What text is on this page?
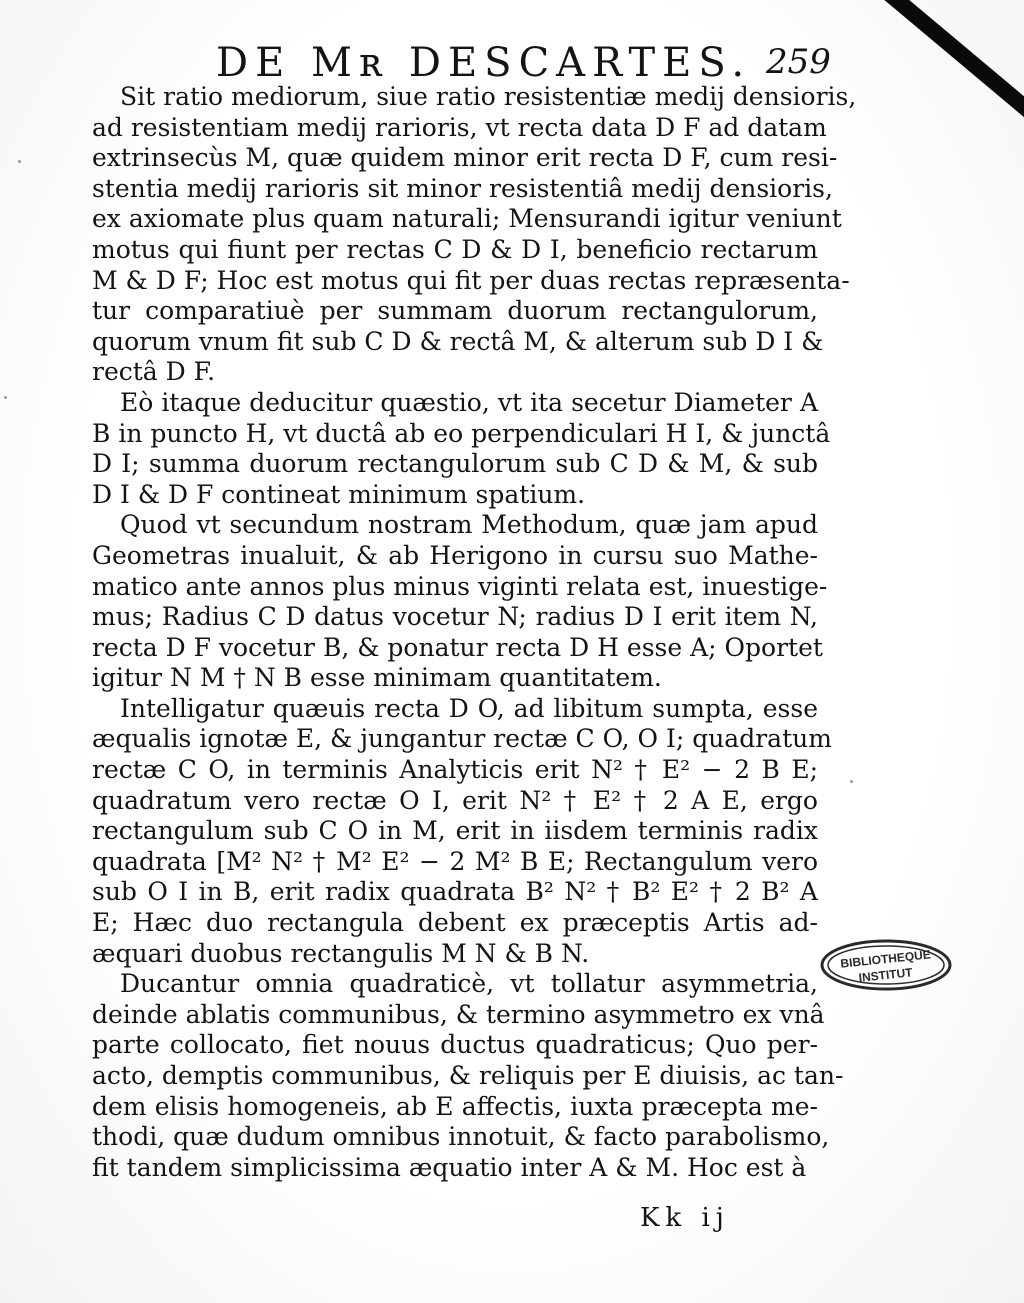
DE Mʀ DESCARTES. 259
Sit ratio mediorum, siue ratio resistentiæ medij densioris,
ad resistentiam medij rarioris, vt recta data D F ad datam
extrinsecùs M, quæ quidem minor erit recta D F, cum resi-
stentia medij rarioris sit minor resistentiâ medij densioris,
ex axiomate plus quam naturali; Mensurandi igitur veniunt
motus qui fiunt per rectas C D & D I, beneficio rectarum
M & D F; Hoc est motus qui fit per duas rectas repræsenta-
tur comparatiuè per summam duorum rectangulorum,
quorum vnum fit sub C D & rectâ M, & alterum sub D I &
rectâ D F.
Eò itaque deducitur quæstio, vt ita secetur Diameter A
B in puncto H, vt ductâ ab eo perpendiculari H I, & junctâ
D I; summa duorum rectangulorum sub C D & M, & sub
D I & D F contineat minimum spatium.
Quod vt secundum nostram Methodum, quæ jam apud
Geometras inualuit, & ab Herigono in cursu suo Mathe-
matico ante annos plus minus viginti relata est, inuestige-
mus; Radius C D datus vocetur N; radius D I erit item N,
recta D F vocetur B, & ponatur recta D H esse A; Oportet
igitur N M † N B esse minimam quantitatem.
Intelligatur quæuis recta D O, ad libitum sumpta, esse
æqualis ignotæ E, & jungantur rectæ C O, O I; quadratum
rectæ C O, in terminis Analyticis erit N² † E² − 2 B E;
quadratum vero rectæ O I, erit N² † E² † 2 A E, ergo
rectangulum sub C O in M, erit in iisdem terminis radix
quadrata [M² N² † M² E² − 2 M² B E; Rectangulum vero
sub O I in B, erit radix quadrata B² N² † B² E² † 2 B² A
E; Hæc duo rectangula debent ex præceptis Artis ad-
æquari duobus rectangulis M N & B N.
Ducantur omnia quadraticè, vt tollatur asymmetria,
deinde ablatis communibus, & termino asymmetro ex vnâ
parte collocato, fiet nouus ductus quadraticus; Quo per-
acto, demptis communibus, & reliquis per E diuisis, ac tan-
dem elisis homogeneis, ab E affectis, iuxta præcepta me-
thodi, quæ dudum omnibus innotuit, & facto parabolismo,
fit tandem simplicissima æquatio inter A & M. Hoc est à
Kk ij
BIBLIOTHEQUE
INSTITUT
